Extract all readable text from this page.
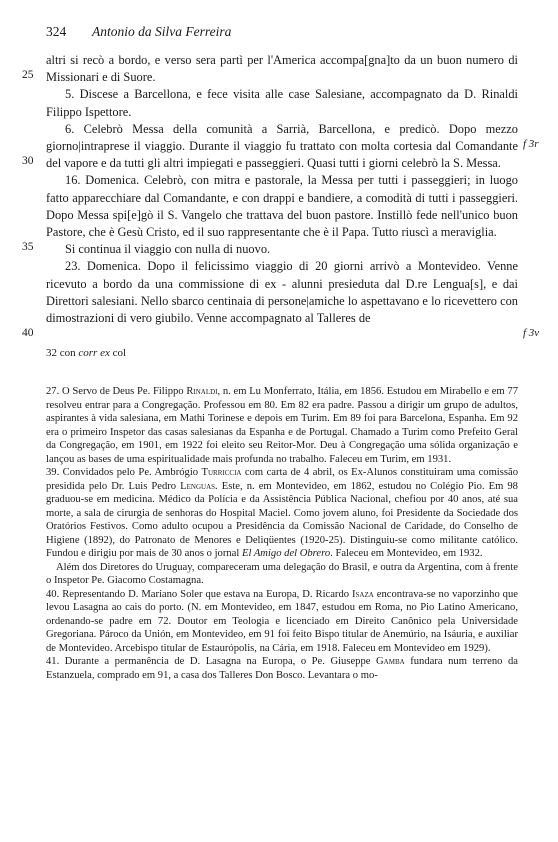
324 Antonio da Silva Ferreira
25
30
35
40
f 3r
f 3v

altri si recò a bordo, e verso sera partì per l'America accompa[gna]to da un buon numero di Missionari e di Suore.

5. Discese a Barcellona, e fece visita alle case Salesiane, accompagnato da D. Rinaldi Filippo Ispettore.

6. Celebrò Messa della comunità a Sarrià, Barcellona, e predicò. Dopo mezzo giorno|intraprese il viaggio. Durante il viaggio fu trattato con molta cortesia dal Comandante del vapore e da tutti gli altri impiegati e passeggieri. Quasi tutti i giorni celebrò la S. Messa.

16. Domenica. Celebrò, con mitra e pastorale, la Messa per tutti i passeggieri; in luogo fatto apparecchiare dal Comandante, e con drappi e bandiere, a comodità di tutti i passeggieri. Dopo Messa spi[e]gò il S. Vangelo che trattava del buon pastore. Instillò fede nell'unico buon Pastore, che è Gesù Cristo, ed il suo rappresentante che è il Papa. Tutto riuscì a meraviglia.

Si continua il viaggio con nulla di nuovo.

23. Domenica. Dopo il felicissimo viaggio di 20 giorni arrivò a Montevideo. Venne ricevuto a bordo da una commissione di ex - alunni presieduta dal D.re Lengua[s], e dai Direttori salesiani. Nello sbarco centinaia di persone|amiche lo aspettavano e lo ricevettero con dimostrazioni di vero giubilo. Venne accompagnato al Talleres de

32 con corr ex col

27. O Servo de Deus Pe. Filippo Rinaldi, n. em Lu Monferrato, Itália, em 1856. Estudou em Mirabello e em 77 resolveu entrar para a Congregação. Professou em 80. Em 82 era padre. Passou a dirigir um grupo de adultos, aspirantes à vida salesiana, em Mathi Torinese e depois em Turim. Em 89 foi para Barcelona, Espanha. Em 92 era o primeiro Inspetor das casas salesianas da Espanha e de Portugal. Chamado a Turim como Prefeito Geral da Congregação, em 1901, em 1922 foi eleito seu Reitor-Mor. Deu à Congregação uma sólida organização e lançou as bases de uma espiritualidade mais profunda no trabalho. Faleceu em Turim, em 1931.

39. Convidados pelo Pe. Ambrógio Turriccia com carta de 4 abril, os Ex-Alunos constituiram uma comissão presidida pelo Dr. Luis Pedro Lenguas. Este, n. em Montevideo, em 1862, estudou no Colégio Pio. Em 98 graduou-se em medicina. Médico da Polícia e da Assistência Pública Nacional, chefiou por 40 anos, até sua morte, a sala de cirurgia de senhoras do Hospital Maciel. Como jovem aluno, foi Presidente da Sociedade dos Oratórios Festivos. Como adulto ocupou a Presidência da Comissão Nacional de Caridade, do Conselho de Higiene (1892), do Patronato de Menores e Deliqüentes (1920-25). Distinguiu-se como militante católico. Fundou e dirigiu por mais de 30 anos o jornal El Amigo del Obrero. Faleceu em Montevideo, em 1932.

Além dos Diretores do Uruguay, compareceram uma delegação do Brasil, e outra da Argentina, com à frente o Inspetor Pe. Giacomo Costamagna.

40. Representando D. Mariano Soler que estava na Europa, D. Ricardo Isaza encontrava-se no vaporzinho que levou Lasagna ao cais do porto. (N. em Montevideo, em 1847, estudou em Roma, no Pio Latino Americano, ordenando-se padre em 72. Doutor em Teologia e licenciado em Direito Canônico pela Universidade Gregoriana. Pároco da Unión, em Montevideo, em 91 foi feito Bispo titular de Anemúrio, na Isáuria, e auxiliar de Montevideo. Arcebispo titular de Estaurópolis, na Cária, em 1918. Faleceu em Montevideo em 1929).

41. Durante a permanência de D. Lasagna na Europa, o Pe. Giuseppe Gamba fundara num terreno da Estanzuela, comprado em 91, a casa dos Talleres Don Bosco. Levantara o mo-
